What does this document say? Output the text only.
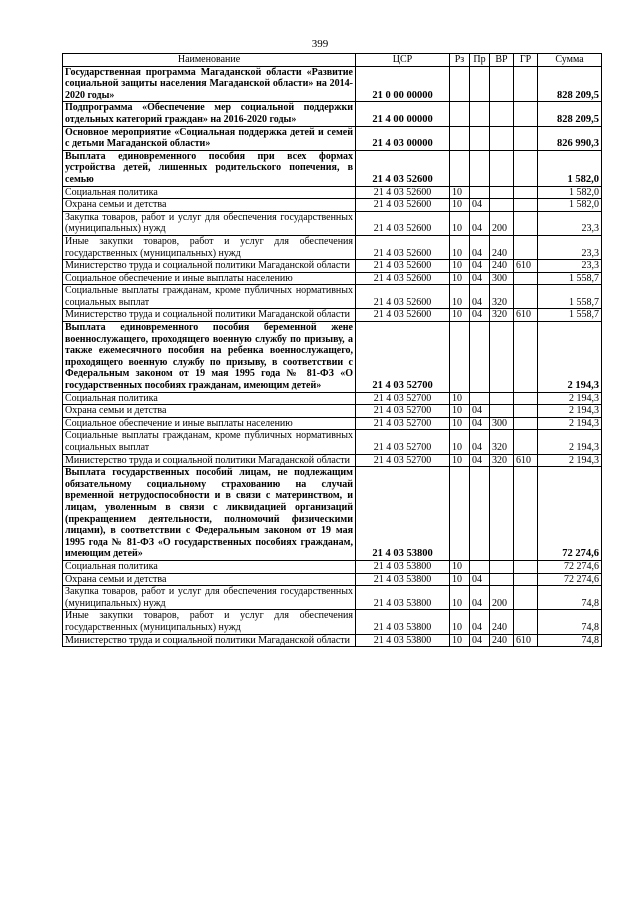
399
Наименование	ЦСР	Рз	Пр	ВР	ГР	Сумма
Государственная программа Магаданской области «Развитие социальной защиты населения Магаданской области» на 2014-2020 годы»	21 0 00 00000					828 209,5
Подпрограмма «Обеспечение мер социальной поддержки отдельных категорий граждан» на 2016-2020 годы»	21 4 00 00000					828 209,5
Основное мероприятие «Социальная поддержка детей и семей с детьми Магаданской области»	21 4 03 00000					826 990,3
Выплата единовременного пособия при всех формах устройства детей, лишенных родительского попечения, в семью	21 4 03 52600					1 582,0
Социальная политика	21 4 03 52600	10				1 582,0
Охрана семьи и детства	21 4 03 52600	10	04			1 582,0
Закупка товаров, работ и услуг для обеспечения государственных (муниципальных) нужд	21 4 03 52600	10	04	200		23,3
Иные закупки товаров, работ и услуг для обеспечения государственных (муниципальных) нужд	21 4 03 52600	10	04	240		23,3
Министерство труда и социальной политики Магаданской области	21 4 03 52600	10	04	240	610	23,3
Социальное обеспечение и иные выплаты населению	21 4 03 52600	10	04	300		1 558,7
Социальные выплаты гражданам, кроме публичных нормативных социальных выплат	21 4 03 52600	10	04	320		1 558,7
Министерство труда и социальной политики Магаданской области	21 4 03 52600	10	04	320	610	1 558,7
Выплата единовременного пособия беременной жене военнослужащего, проходящего военную службу по призыву, а также ежемесячного пособия на ребенка военнослужащего, проходящего военную службу по призыву, в соответствии с Федеральным законом от 19 мая 1995 года № 81-ФЗ «О государственных пособиях гражданам, имеющим детей»	21 4 03 52700					2 194,3
Социальная политика	21 4 03 52700	10				2 194,3
Охрана семьи и детства	21 4 03 52700	10	04			2 194,3
Социальное обеспечение и иные выплаты населению	21 4 03 52700	10	04	300		2 194,3
Социальные выплаты гражданам, кроме публичных нормативных социальных выплат	21 4 03 52700	10	04	320		2 194,3
Министерство труда и социальной политики Магаданской области	21 4 03 52700	10	04	320	610	2 194,3
Выплата государственных пособий лицам, не подлежащим обязательному социальному страхованию на случай временной нетрудоспособности и в связи с материнством, и лицам, уволенным в связи с ликвидацией организаций (прекращением деятельности, полномочий физическими лицами), в соответствии с Федеральным законом от 19 мая 1995 года № 81-ФЗ «О государственных пособиях гражданам, имеющим детей»	21 4 03 53800					72 274,6
Социальная политика	21 4 03 53800	10				72 274,6
Охрана семьи и детства	21 4 03 53800	10	04			72 274,6
Закупка товаров, работ и услуг для обеспечения государственных (муниципальных) нужд	21 4 03 53800	10	04	200		74,8
Иные закупки товаров, работ и услуг для обеспечения государственных (муниципальных) нужд	21 4 03 53800	10	04	240		74,8
Министерство труда и социальной политики Магаданской области	21 4 03 53800	10	04	240	610	74,8
